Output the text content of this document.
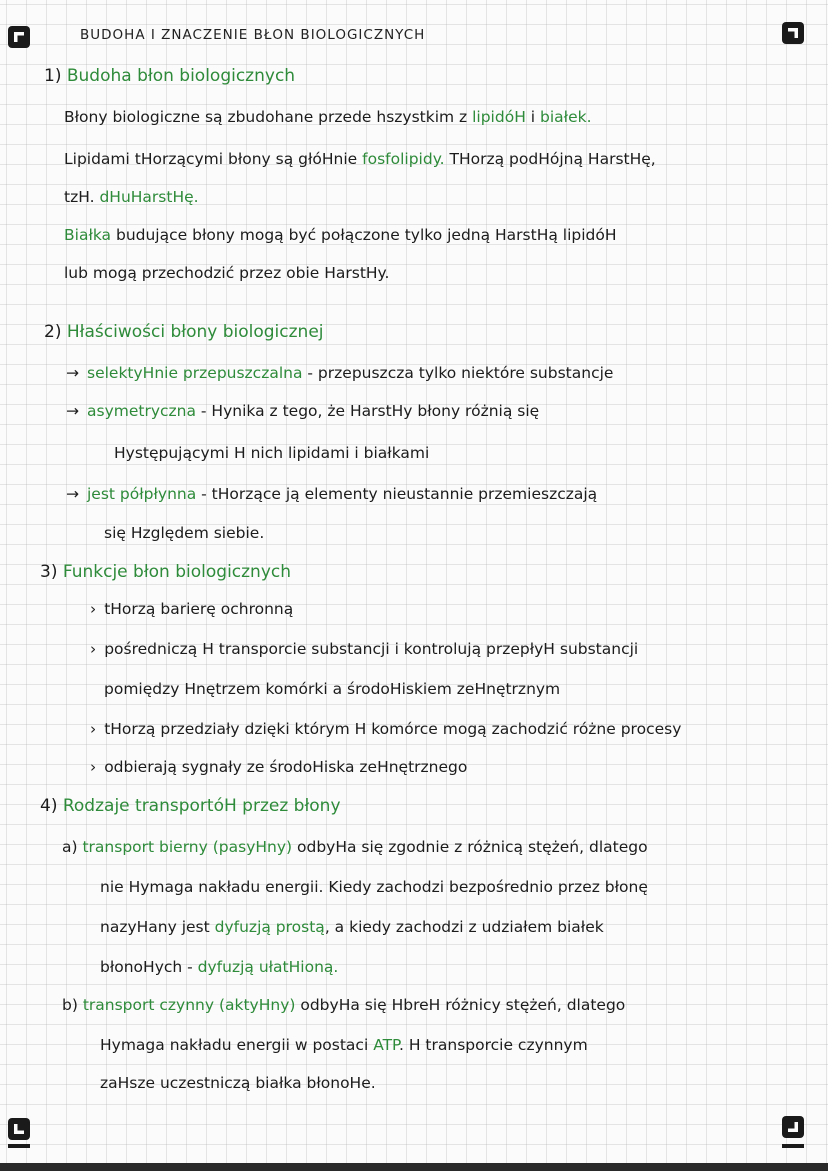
BUDOHA I ZNACZENIE BŁON BIOLOGICZNYCH
1) Budoha błon biologicznych
Błony biologiczne są zbudohane przede hszystkim z lipidóH i białek.
Lipidami tHorzącymi błony są głóHnie fosfolipidy. THorzą podHójną HarstHę,
tzH. dHuHarstHę.
Białka budujące błony mogą być połączone tylko jedną HarstHą lipidóH
lub mogą przechodzić przez obie HarstHy.
2) Hłaściwości błony biologicznej
→ selektyHnie przepuszczalna - przepuszcza tylko niektóre substancje
→ asymetryczna - Hynika z tego, że HarstHy błony różnią się
Hystępującymi H nich lipidami i białkami
→ jest półpłynna - tHorzące ją elementy nieustannie przemieszczają
się Hzględem siebie.
3) Funkcje błon biologicznych
› tHorzą barierę ochronną
› pośredniczą H transporcie substancji i kontrolują przepłyH substancji
pomiędzy Hnętrzem komórki a środoHiskiem zeHnętrznym
› tHorzą przedziały dzięki którym H komórce mogą zachodzić różne procesy
› odbierają sygnały ze środoHiska zeHnętrznego
4) Rodzaje transportóH przez błony
a) transport bierny (pasyHny) odbyHa się zgodnie z różnicą stężeń, dlatego
nie Hymaga nakładu energii. Kiedy zachodzi bezpośrednio przez błonę
nazyHany jest dyfuzją prostą, a kiedy zachodzi z udziałem białek
błonoHych - dyfuzją ułatHioną.
b) transport czynny (aktyHny) odbyHa się HbreH różnicy stężeń, dlatego
Hymaga nakładu energii w postaci ATP. H transporcie czynnym
zaHsze uczestniczą białka błonoHe.
